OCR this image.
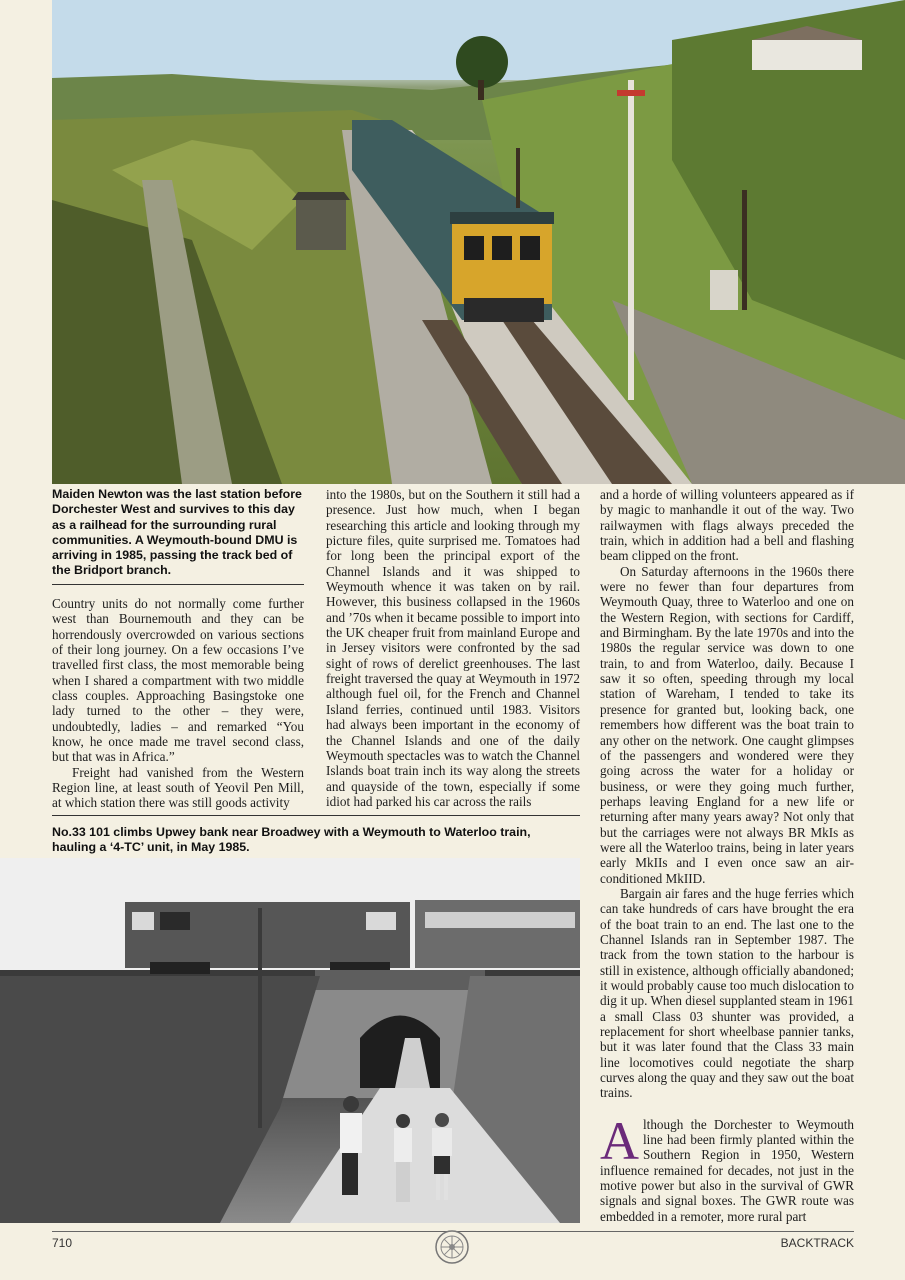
Maiden Newton was the last station before Dorchester West and survives to this day as a railhead for the surrounding rural communities. A Weymouth-bound DMU is arriving in 1985, passing the track bed of the Bridport branch.

Country units do not normally come further west than Bournemouth and they can be horrendously overcrowded on various sections of their long journey. On a few occasions I’ve travelled first class, the most memorable being when I shared a compartment with two middle class couples. Approaching Basingstoke one lady turned to the other – they were, undoubtedly, ladies – and remarked “You know, he once made me travel second class, but that was in Africa.”

Freight had vanished from the Western Region line, at least south of Yeovil Pen Mill, at which station there was still goods activity

into the 1980s, but on the Southern it still had a presence. Just how much, when I began researching this article and looking through my picture files, quite surprised me. Tomatoes had for long been the principal export of the Channel Islands and it was shipped to Weymouth whence it was taken on by rail. However, this business collapsed in the 1960s and ’70s when it became possible to import into the UK cheaper fruit from mainland Europe and in Jersey visitors were confronted by the sad sight of rows of derelict greenhouses. The last freight traversed the quay at Weymouth in 1972 although fuel oil, for the French and Channel Island ferries, continued until 1983. Visitors had always been important in the economy of the Channel Islands and one of the daily Weymouth spectacles was to watch the Channel Islands boat train inch its way along the streets and quayside of the town, especially if some idiot had parked his car across the rails

No.33 101 climbs Upwey bank near Broadwey with a Weymouth to Waterloo train,
hauling a ‘4-TC’ unit, in May 1985.

and a horde of willing volunteers appeared as if by magic to manhandle it out of the way. Two railwaymen with flags always preceded the train, which in addition had a bell and flashing beam clipped on the front.

On Saturday afternoons in the 1960s there were no fewer than four departures from Weymouth Quay, three to Waterloo and one on the Western Region, with sections for Cardiff, and Birmingham. By the late 1970s and into the 1980s the regular service was down to one train, to and from Waterloo, daily. Because I saw it so often, speeding through my local station of Wareham, I tended to take its presence for granted but, looking back, one remembers how different was the boat train to any other on the network. One caught glimpses of the passengers and wondered were they going across the water for a holiday or business, or were they going much further, perhaps leaving England for a new life or returning after many years away? Not only that but the carriages were not always BR MkIs as were all the Waterloo trains, being in later years early MkIIs and I even once saw an air-conditioned MkIID.

Bargain air fares and the huge ferries which can take hundreds of cars have brought the era of the boat train to an end. The last one to the Channel Islands ran in September 1987. The track from the town station to the harbour is still in existence, although officially abandoned; it would probably cause too much dislocation to dig it up. When diesel supplanted steam in 1961 a small Class 03 shunter was provided, a replacement for short wheelbase pannier tanks, but it was later found that the Class 33 main line locomotives could negotiate the sharp curves along the quay and they saw out the boat trains.

Although the Dorchester to Weymouth line had been firmly planted within the Southern Region in 1950, Western influence remained for decades, not just in the motive power but also in the survival of GWR signals and signal boxes. The GWR route was embedded in a remoter, more rural part

710	BACKTRACK
